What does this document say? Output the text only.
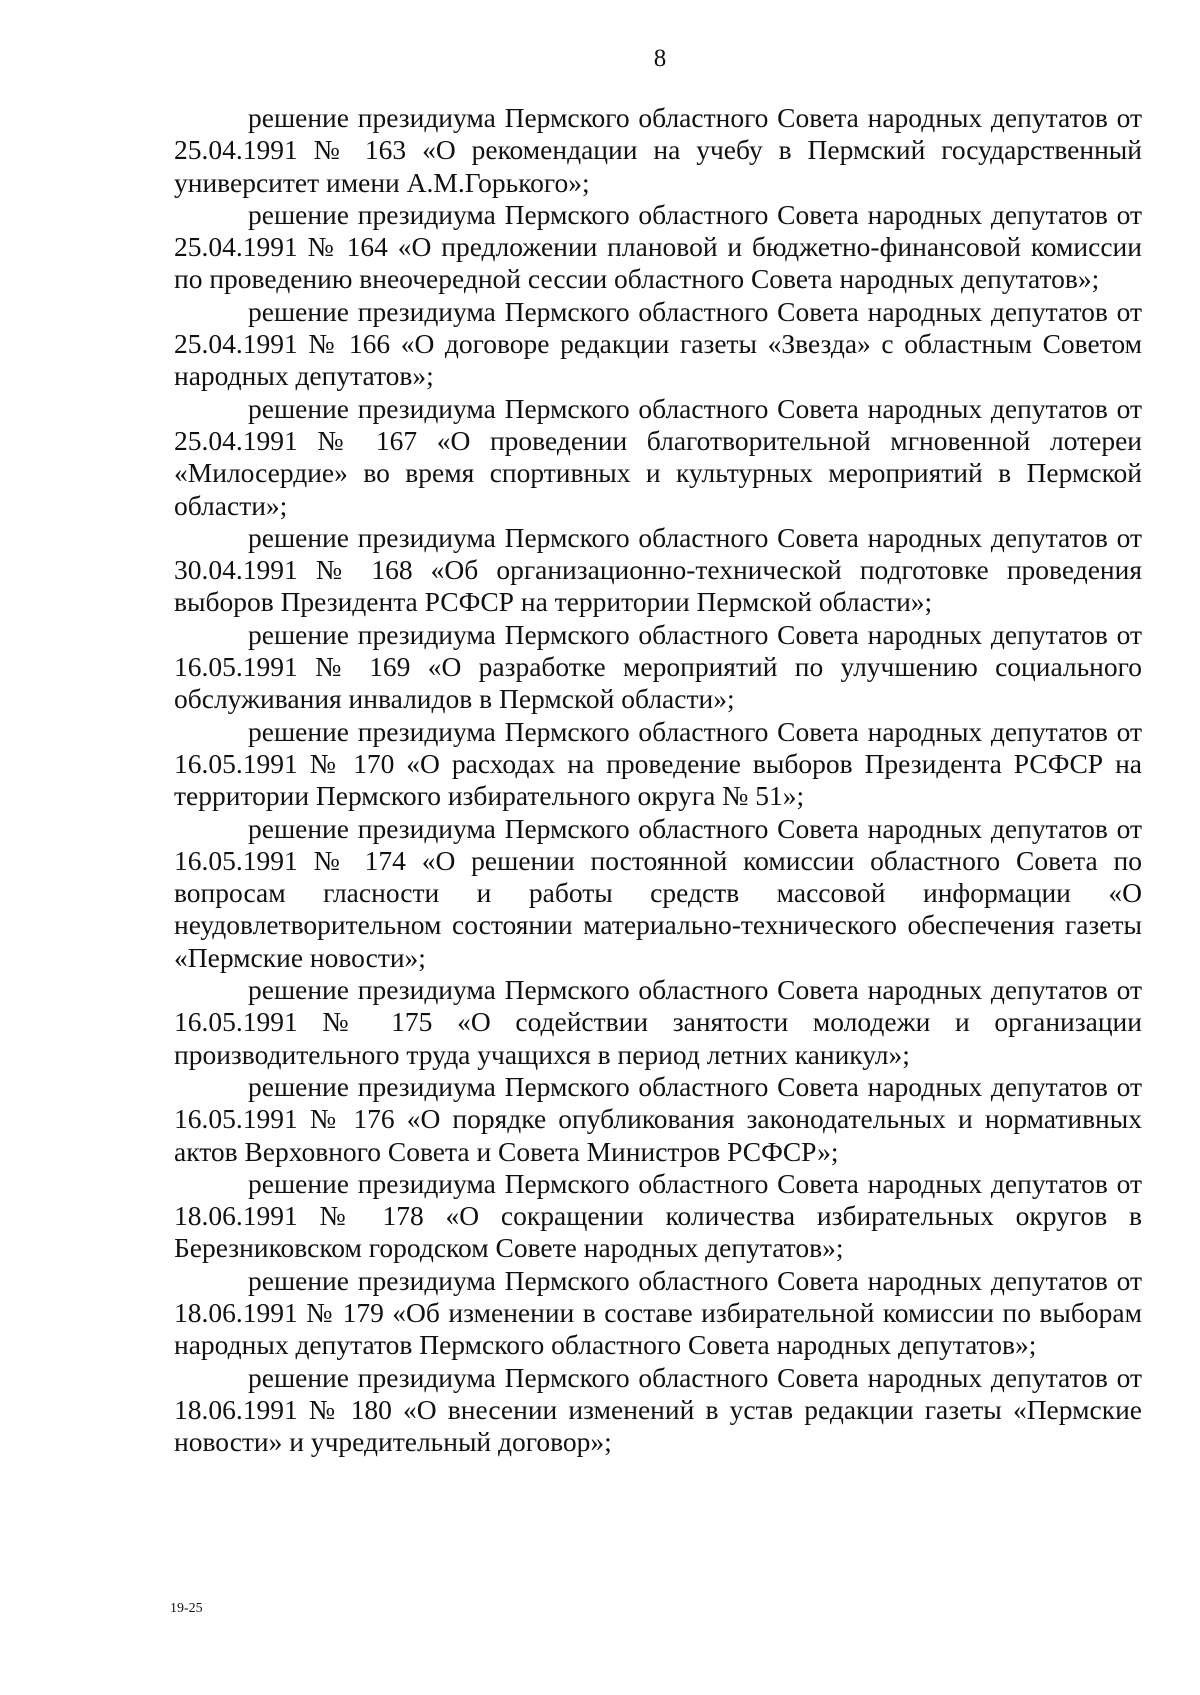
8

решение президиума Пермского областного Совета народных депутатов от 25.04.1991 № 163 «О рекомендации на учебу в Пермский государственный университет имени А.М.Горького»;

решение президиума Пермского областного Совета народных депутатов от 25.04.1991 № 164 «О предложении плановой и бюджетно-финансовой комиссии по проведению внеочередной сессии областного Совета народных депутатов»;

решение президиума Пермского областного Совета народных депутатов от 25.04.1991 № 166 «О договоре редакции газеты «Звезда» с областным Советом народных депутатов»;

решение президиума Пермского областного Совета народных депутатов от 25.04.1991 № 167 «О проведении благотворительной мгновенной лотереи «Милосердие» во время спортивных и культурных мероприятий в Пермской области»;

решение президиума Пермского областного Совета народных депутатов от 30.04.1991 № 168 «Об организационно-технической подготовке проведения выборов Президента РСФСР на территории Пермской области»;

решение президиума Пермского областного Совета народных депутатов от 16.05.1991 № 169 «О разработке мероприятий по улучшению социального обслуживания инвалидов в Пермской области»;

решение президиума Пермского областного Совета народных депутатов от 16.05.1991 № 170 «О расходах на проведение выборов Президента РСФСР на территории Пермского избирательного округа № 51»;

решение президиума Пермского областного Совета народных депутатов от 16.05.1991 № 174 «О решении постоянной комиссии областного Совета по вопросам гласности и работы средств массовой информации «О неудовлетворительном состоянии материально-технического обеспечения газеты «Пермские новости»;

решение президиума Пермского областного Совета народных депутатов от 16.05.1991 № 175 «О содействии занятости молодежи и организации производительного труда учащихся в период летних каникул»;

решение президиума Пермского областного Совета народных депутатов от 16.05.1991 № 176 «О порядке опубликования законодательных и нормативных актов Верховного Совета и Совета Министров РСФСР»;

решение президиума Пермского областного Совета народных депутатов от 18.06.1991 № 178 «О сокращении количества избирательных округов в Березниковском городском Совете народных депутатов»;

решение президиума Пермского областного Совета народных депутатов от 18.06.1991 № 179 «Об изменении в составе избирательной комиссии по выборам народных депутатов Пермского областного Совета народных депутатов»;

решение президиума Пермского областного Совета народных депутатов от 18.06.1991 № 180 «О внесении изменений в устав редакции газеты «Пермские новости» и учредительный договор»;

19-25
